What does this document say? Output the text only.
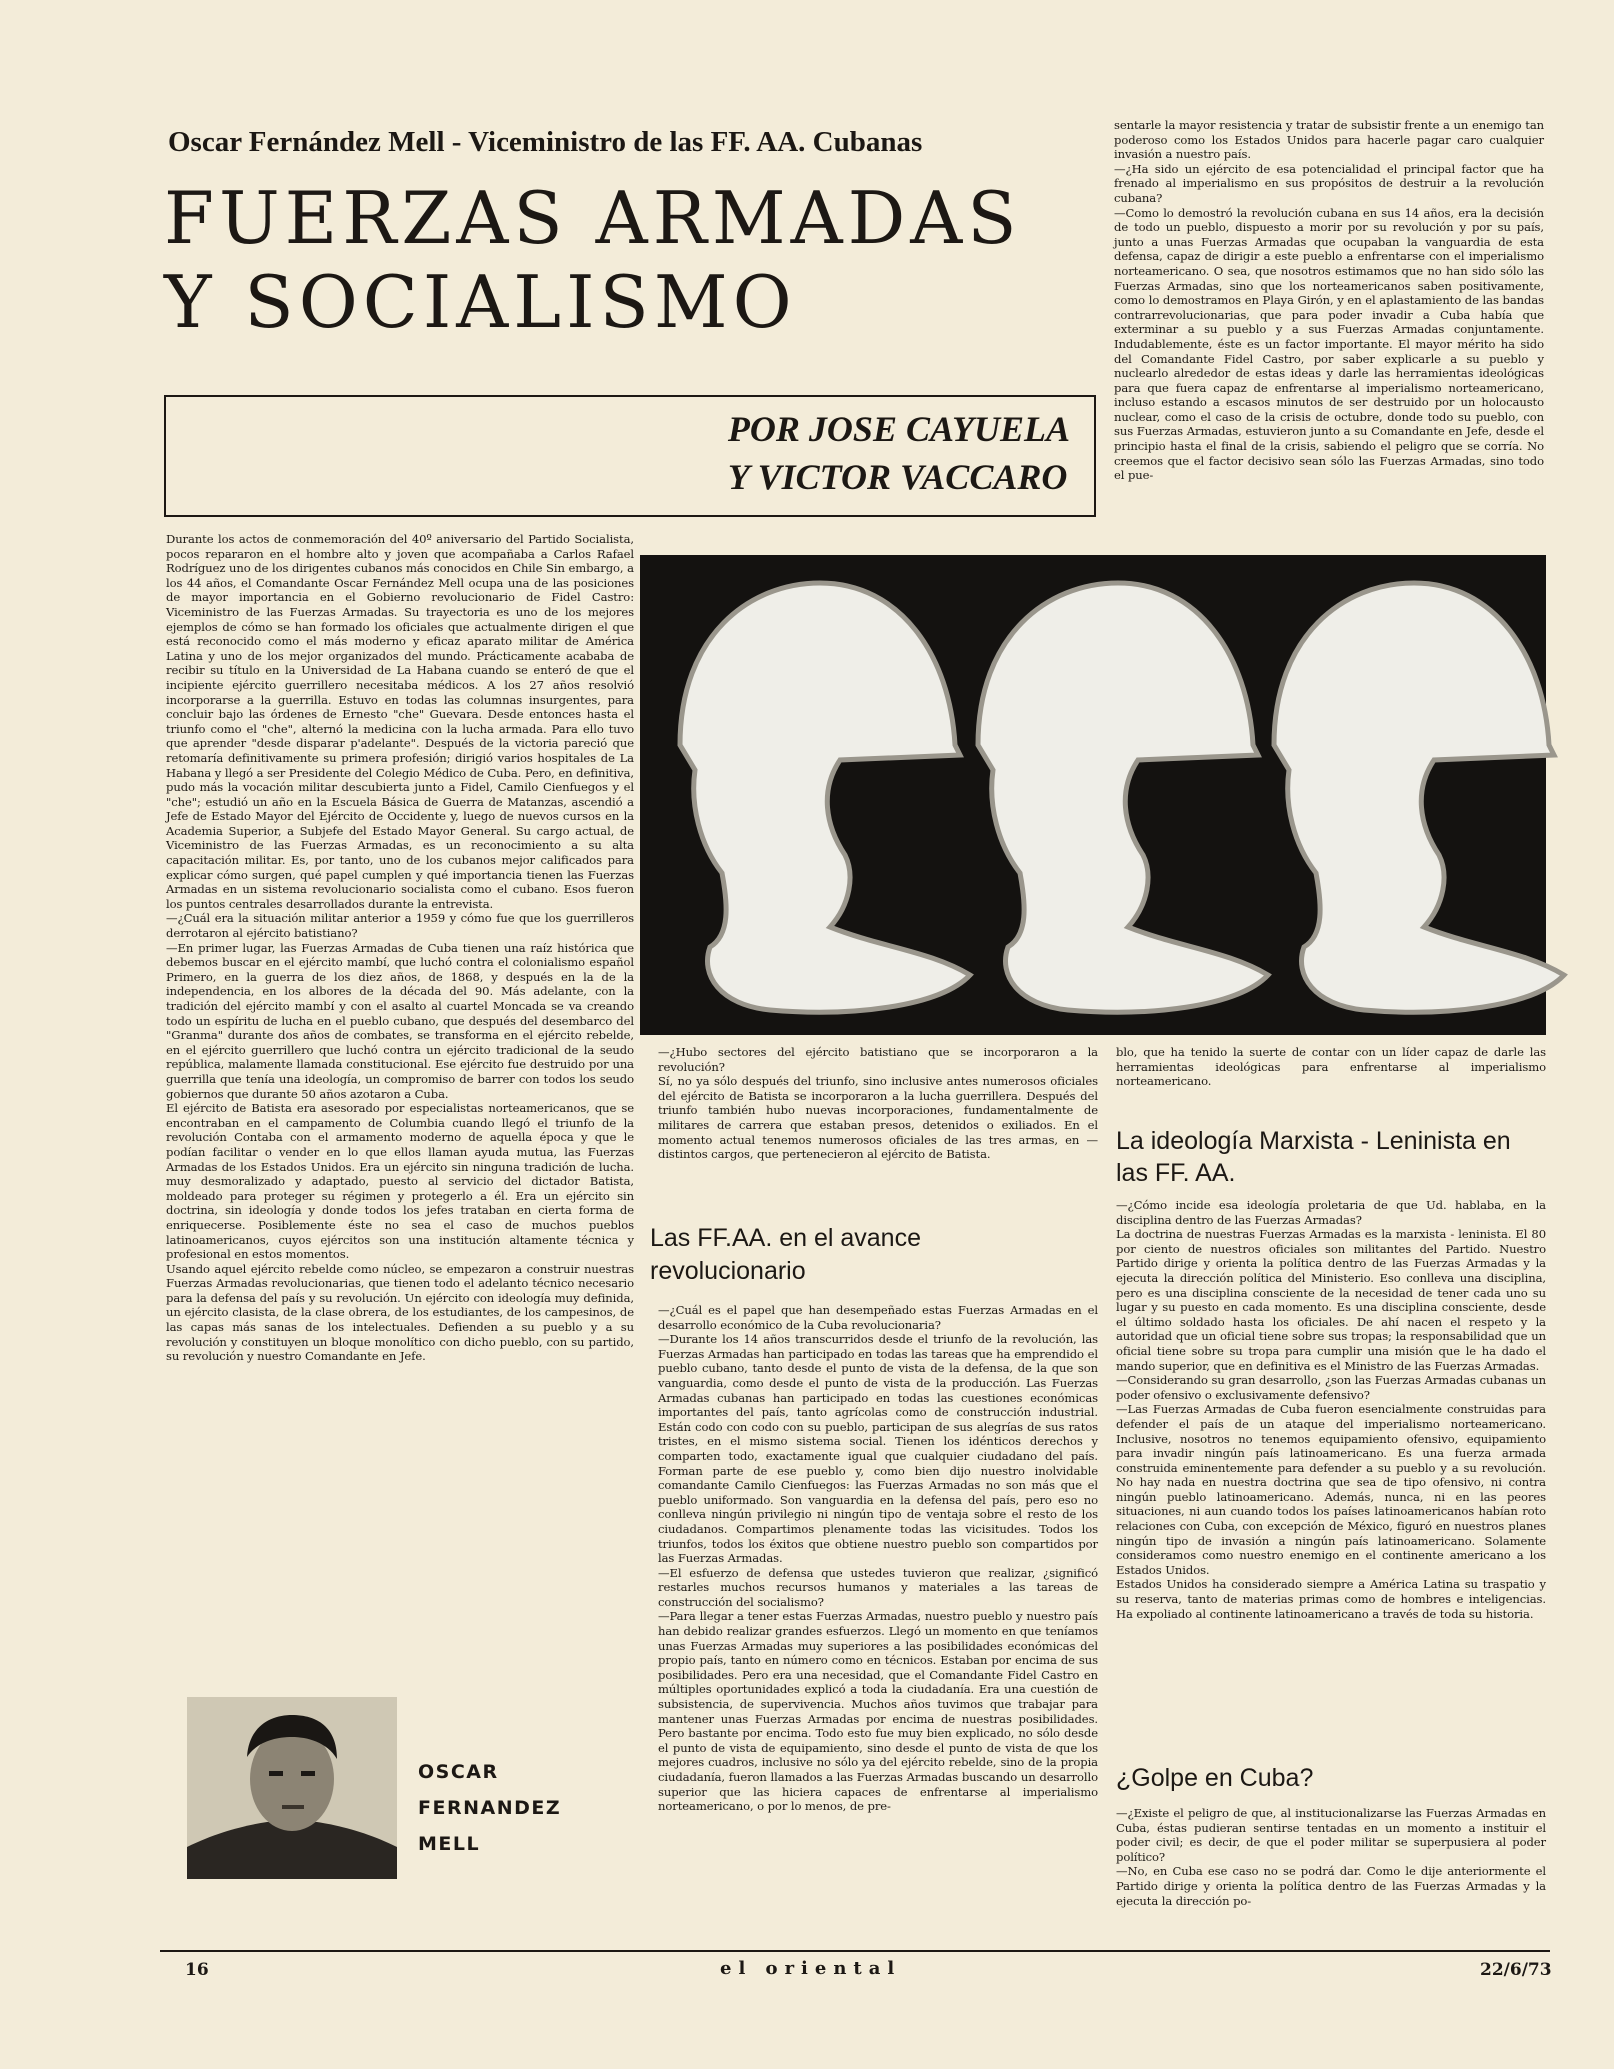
Oscar Fernández Mell - Viceministro de las FF. AA. Cubanas
FUERZAS ARMADAS
Y SOCIALISMO
POR JOSE CAYUELA
Y VICTOR VACCARO
sentarle la mayor resistencia y tratar de subsistir frente a un enemigo tan poderoso como los Estados Unidos para hacerle pagar caro cualquier invasión a nuestro país.
—¿Ha sido un ejército de esa potencialidad el principal factor que ha frenado al imperialismo en sus propósitos de destruir a la revolución cubana?
—Como lo demostró la revolución cubana en sus 14 años, era la decisión de todo un pueblo, dispuesto a morir por su revolución y por su país, junto a unas Fuerzas Armadas que ocupaban la vanguardia de esta defensa, capaz de dirigir a este pueblo a enfrentarse con el imperialismo norteamericano. O sea, que nosotros estimamos que no han sido sólo las Fuerzas Armadas, sino que los norteamericanos saben positivamente, como lo demostramos en Playa Girón, y en el aplastamiento de las bandas contrarrevolucionarias, que para poder invadir a Cuba había que exterminar a su pueblo y a sus Fuerzas Armadas conjuntamente. Indudablemente, éste es un factor importante. El mayor mérito ha sido del Comandante Fidel Castro, por saber explicarle a su pueblo y nuclearlo alrededor de estas ideas y darle las herramientas ideológicas para que fuera capaz de enfrentarse al imperialismo norteamericano, incluso estando a escasos minutos de ser destruido por un holocausto nuclear, como el caso de la crisis de octubre, donde todo su pueblo, con sus Fuerzas Armadas, estuvieron junto a su Comandante en Jefe, desde el principio hasta el final de la crisis, sabiendo el peligro que se corría. No creemos que el factor decisivo sean sólo las Fuerzas Armadas, sino todo el pue-
Durante los actos de conmemoración del 40º aniversario del Partido Socialista, pocos repararon en el hombre alto y joven que acompañaba a Carlos Rafael Rodríguez uno de los dirigentes cubanos más conocidos en Chile Sin embargo, a los 44 años, el Comandante Oscar Fernández Mell ocupa una de las posiciones de mayor importancia en el Gobierno revolucionario de Fidel Castro: Viceministro de las Fuerzas Armadas. Su trayectoria es uno de los mejores ejemplos de cómo se han formado los oficiales que actualmente dirigen el que está reconocido como el más moderno y eficaz aparato militar de América Latina y uno de los mejor organizados del mundo. Prácticamente acababa de recibir su título en la Universidad de La Habana cuando se enteró de que el incipiente ejército guerrillero necesitaba médicos. A los 27 años resolvió incorporarse a la guerrilla. Estuvo en todas las columnas insurgentes, para concluir bajo las órdenes de Ernesto "che" Guevara. Desde entonces hasta el triunfo como el "che", alternó la medicina con la lucha armada. Para ello tuvo que aprender "desde disparar p'adelante". Después de la victoria pareció que retomaría definitivamente su primera profesión; dirigió varios hospitales de La Habana y llegó a ser Presidente del Colegio Médico de Cuba. Pero, en definitiva, pudo más la vocación militar descubierta junto a Fidel, Camilo Cienfuegos y el "che"; estudió un año en la Escuela Básica de Guerra de Matanzas, ascendió a Jefe de Estado Mayor del Ejército de Occidente y, luego de nuevos cursos en la Academia Superior, a Subjefe del Estado Mayor General. Su cargo actual, de Viceministro de las Fuerzas Armadas, es un reconocimiento a su alta capacitación militar. Es, por tanto, uno de los cubanos mejor calificados para explicar cómo surgen, qué papel cumplen y qué importancia tienen las Fuerzas Armadas en un sistema revolucionario socialista como el cubano. Esos fueron los puntos centrales desarrollados durante la entrevista.
—¿Cuál era la situación militar anterior a 1959 y cómo fue que los guerrilleros derrotaron al ejército batistiano?
—En primer lugar, las Fuerzas Armadas de Cuba tienen una raíz histórica que debemos buscar en el ejército mambí, que luchó contra el colonialismo español Primero, en la guerra de los diez años, de 1868, y después en la de la independencia, en los albores de la década del 90. Más adelante, con la tradición del ejército mambí y con el asalto al cuartel Moncada se va creando todo un espíritu de lucha en el pueblo cubano, que después del desembarco del "Granma" durante dos años de combates, se transforma en el ejército rebelde, en el ejército guerrillero que luchó contra un ejército tradicional de la seudo república, malamente llamada constitucional. Ese ejército fue destruido por una guerrilla que tenía una ideología, un compromiso de barrer con todos los seudo gobiernos que durante 50 años azotaron a Cuba.
El ejército de Batista era asesorado por especialistas norteamericanos, que se encontraban en el campamento de Columbia cuando llegó el triunfo de la revolución Contaba con el armamento moderno de aquella época y que le podían facilitar o vender en lo que ellos llaman ayuda mutua, las Fuerzas Armadas de los Estados Unidos. Era un ejército sin ninguna tradición de lucha. muy desmoralizado y adaptado, puesto al servicio del dictador Batista, moldeado para proteger su régimen y protegerlo a él. Era un ejército sin doctrina, sin ideología y donde todos los jefes trataban en cierta forma de enriquecerse. Posiblemente éste no sea el caso de muchos pueblos latinoamericanos, cuyos ejércitos son una institución altamente técnica y profesional en estos momentos.
Usando aquel ejército rebelde como núcleo, se empezaron a construir nuestras Fuerzas Armadas revolucionarias, que tienen todo el adelanto técnico necesario para la defensa del país y su revolución. Un ejército con ideología muy definida, un ejército clasista, de la clase obrera, de los estudiantes, de los campesinos, de las capas más sanas de los intelectuales. Defienden a su pueblo y a su revolución y constituyen un bloque monolítico con dicho pueblo, con su partido, su revolución y nuestro Comandante en Jefe.
—¿Hubo sectores del ejército batistiano que se incorporaron a la revolución?
Sí, no ya sólo después del triunfo, sino inclusive antes numerosos oficiales del ejército de Batista se incorporaron a la lucha guerrillera. Después del triunfo también hubo nuevas incorporaciones, fundamentalmente de militares de carrera que estaban presos, detenidos o exiliados. En el momento actual tenemos numerosos oficiales de las tres armas, en —distintos cargos, que pertenecieron al ejército de Batista.
Las FF.AA. en el avance revolucionario
—¿Cuál es el papel que han desempeñado estas Fuerzas Armadas en el desarrollo económico de la Cuba revolucionaria?
—Durante los 14 años transcurridos desde el triunfo de la revolución, las Fuerzas Armadas han participado en todas las tareas que ha emprendido el pueblo cubano, tanto desde el punto de vista de la defensa, de la que son vanguardia, como desde el punto de vista de la producción. Las Fuerzas Armadas cubanas han participado en todas las cuestiones económicas importantes del país, tanto agrícolas como de construcción industrial. Están codo con codo con su pueblo, participan de sus alegrías de sus ratos tristes, en el mismo sistema social. Tienen los idénticos derechos y comparten todo, exactamente igual que cualquier ciudadano del país. Forman parte de ese pueblo y, como bien dijo nuestro inolvidable comandante Camilo Cienfuegos: las Fuerzas Armadas no son más que el pueblo uniformado. Son vanguardia en la defensa del país, pero eso no conlleva ningún privilegio ni ningún tipo de ventaja sobre el resto de los ciudadanos. Compartimos plenamente todas las vicisitudes. Todos los triunfos, todos los éxitos que obtiene nuestro pueblo son compartidos por las Fuerzas Armadas.
—El esfuerzo de defensa que ustedes tuvieron que realizar, ¿significó restarles muchos recursos humanos y materiales a las tareas de construcción del socialismo?
—Para llegar a tener estas Fuerzas Armadas, nuestro pueblo y nuestro país han debido realizar grandes esfuerzos. Llegó un momento en que teníamos unas Fuerzas Armadas muy superiores a las posibilidades económicas del propio país, tanto en número como en técnicos. Estaban por encima de sus posibilidades. Pero era una necesidad, que el Comandante Fidel Castro en múltiples oportunidades explicó a toda la ciudadanía. Era una cuestión de subsistencia, de supervivencia. Muchos años tuvimos que trabajar para mantener unas Fuerzas Armadas por encima de nuestras posibilidades. Pero bastante por encima. Todo esto fue muy bien explicado, no sólo desde el punto de vista de equipamiento, sino desde el punto de vista de que los mejores cuadros, inclusive no sólo ya del ejército rebelde, sino de la propia ciudadanía, fueron llamados a las Fuerzas Armadas buscando un desarrollo superior que las hiciera capaces de enfrentarse al imperialismo norteamericano, o por lo menos, de pre-
blo, que ha tenido la suerte de contar con un líder capaz de darle las herramientas ideológicas para enfrentarse al imperialismo norteamericano.
La ideología Marxista - Leninista en las FF. AA.
—¿Cómo incide esa ideología proletaria de que Ud. hablaba, en la disciplina dentro de las Fuerzas Armadas?
La doctrina de nuestras Fuerzas Armadas es la marxista - leninista. El 80 por ciento de nuestros oficiales son militantes del Partido. Nuestro Partido dirige y orienta la política dentro de las Fuerzas Armadas y la ejecuta la dirección política del Ministerio. Eso conlleva una disciplina, pero es una disciplina consciente de la necesidad de tener cada uno su lugar y su puesto en cada momento. Es una disciplina consciente, desde el último soldado hasta los oficiales. De ahí nacen el respeto y la autoridad que un oficial tiene sobre sus tropas; la responsabilidad que un oficial tiene sobre su tropa para cumplir una misión que le ha dado el mando superior, que en definitiva es el Ministro de las Fuerzas Armadas.
—Considerando su gran desarrollo, ¿son las Fuerzas Armadas cubanas un poder ofensivo o exclusivamente defensivo?
—Las Fuerzas Armadas de Cuba fueron esencialmente construidas para defender el país de un ataque del imperialismo norteamericano. Inclusive, nosotros no tenemos equipamiento ofensivo, equipamiento para invadir ningún país latinoamericano. Es una fuerza armada construida eminentemente para defender a su pueblo y a su revolución. No hay nada en nuestra doctrina que sea de tipo ofensivo, ni contra ningún pueblo latinoamericano. Además, nunca, ni en las peores situaciones, ni aun cuando todos los países latinoamericanos habían roto relaciones con Cuba, con excepción de México, figuró en nuestros planes ningún tipo de invasión a ningún país latinoamericano. Solamente consideramos como nuestro enemigo en el continente americano a los Estados Unidos.
Estados Unidos ha considerado siempre a América Latina su traspatio y su reserva, tanto de materias primas como de hombres e inteligencias. Ha expoliado al continente latinoamericano a través de toda su historia.
¿Golpe en Cuba?
—¿Existe el peligro de que, al institucionalizarse las Fuerzas Armadas en Cuba, éstas pudieran sentirse tentadas en un momento a instituir el poder civil; es decir, de que el poder militar se superpusiera al poder político?
—No, en Cuba ese caso no se podrá dar. Como le dije anteriormente el Partido dirige y orienta la política dentro de las Fuerzas Armadas y la ejecuta la dirección po-
OSCAR
FERNANDEZ
MELL
16	el oriental	22/6/73
